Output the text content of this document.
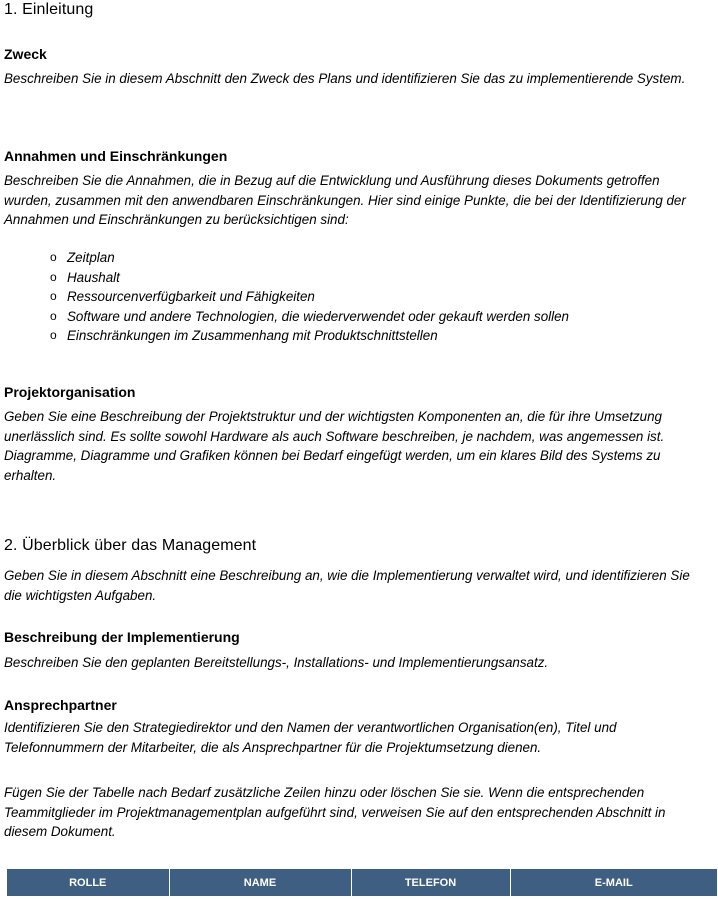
1. Einleitung
Zweck

Beschreiben Sie in diesem Abschnitt den Zweck des Plans und identifizieren Sie das zu implementierende System.

Annahmen und Einschränkungen

Beschreiben Sie die Annahmen, die in Bezug auf die Entwicklung und Ausführung dieses Dokuments getroffen wurden, zusammen mit den anwendbaren Einschränkungen. Hier sind einige Punkte, die bei der Identifizierung der Annahmen und Einschränkungen zu berücksichtigen sind:

o Zeitplan
o Haushalt
o Ressourcenverfügbarkeit und Fähigkeiten
o Software und andere Technologien, die wiederverwendet oder gekauft werden sollen
o Einschränkungen im Zusammenhang mit Produktschnittstellen
Projektorganisation

Geben Sie eine Beschreibung der Projektstruktur und der wichtigsten Komponenten an, die für ihre Umsetzung unerlässlich sind. Es sollte sowohl Hardware als auch Software beschreiben, je nachdem, was angemessen ist. Diagramme, Diagramme und Grafiken können bei Bedarf eingefügt werden, um ein klares Bild des Systems zu erhalten.

2. Überblick über das Management

Geben Sie in diesem Abschnitt eine Beschreibung an, wie die Implementierung verwaltet wird, und identifizieren Sie die wichtigsten Aufgaben.

Beschreibung der Implementierung

Beschreiben Sie den geplanten Bereitstellungs-, Installations- und Implementierungsansatz.

Ansprechpartner

Identifizieren Sie den Strategiedirektor und den Namen der verantwortlichen Organisation(en), Titel und Telefonnummern der Mitarbeiter, die als Ansprechpartner für die Projektumsetzung dienen.

Fügen Sie der Tabelle nach Bedarf zusätzliche Zeilen hinzu oder löschen Sie sie. Wenn die entsprechenden Teammitglieder im Projektmanagementplan aufgeführt sind, verweisen Sie auf den entsprechenden Abschnitt in diesem Dokument.

ROLLE	NAME	TELEFON	E-MAIL
